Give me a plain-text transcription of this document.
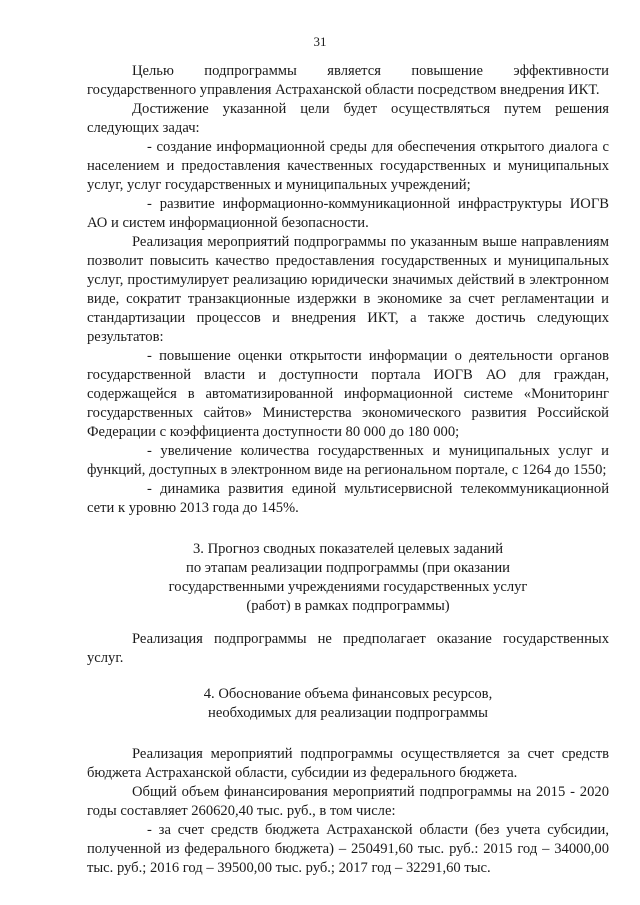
31

Целью подпрограммы является повышение эффективности государственного управления Астраханской области посредством внедрения ИКТ.

Достижение указанной цели будет осуществляться путем решения следующих задач:

- создание информационной среды для обеспечения открытого диалога с населением и предоставления качественных государственных и муниципальных услуг, услуг государственных и муниципальных учреждений;

- развитие информационно-коммуникационной инфраструктуры ИОГВ АО и систем информационной безопасности.

Реализация мероприятий подпрограммы по указанным выше направлениям позволит повысить качество предоставления государственных и муниципальных услуг, простимулирует реализацию юридически значимых действий в электронном виде, сократит транзакционные издержки в экономике за счет регламентации и стандартизации процессов и внедрения ИКТ, а также достичь следующих результатов:

- повышение оценки открытости информации о деятельности органов государственной власти и доступности портала ИОГВ АО для граждан, содержащейся в автоматизированной информационной системе «Мониторинг государственных сайтов» Министерства экономического развития Российской Федерации с коэффициента доступности 80 000 до 180 000;

- увеличение количества государственных и муниципальных услуг и функций, доступных в электронном виде на региональном портале, с 1264 до 1550;

- динамика развития единой мультисервисной телекоммуникационной сети к уровню 2013 года до 145%.

3. Прогноз сводных показателей целевых заданий
по этапам реализации подпрограммы (при оказании
государственными учреждениями государственных услуг
(работ) в рамках подпрограммы)

Реализация подпрограммы не предполагает оказание государственных услуг.

4. Обоснование объема финансовых ресурсов,
необходимых для реализации подпрограммы

Реализация мероприятий подпрограммы осуществляется за счет средств бюджета Астраханской области, субсидии из федерального бюджета.

Общий объем финансирования мероприятий подпрограммы на 2015 - 2020 годы составляет 260620,40 тыс. руб., в том числе:

- за счет средств бюджета Астраханской области (без учета субсидии, полученной из федерального бюджета) – 250491,60 тыс. руб.: 2015 год – 34000,00 тыс. руб.; 2016 год – 39500,00 тыс. руб.; 2017 год – 32291,60 тыс.
